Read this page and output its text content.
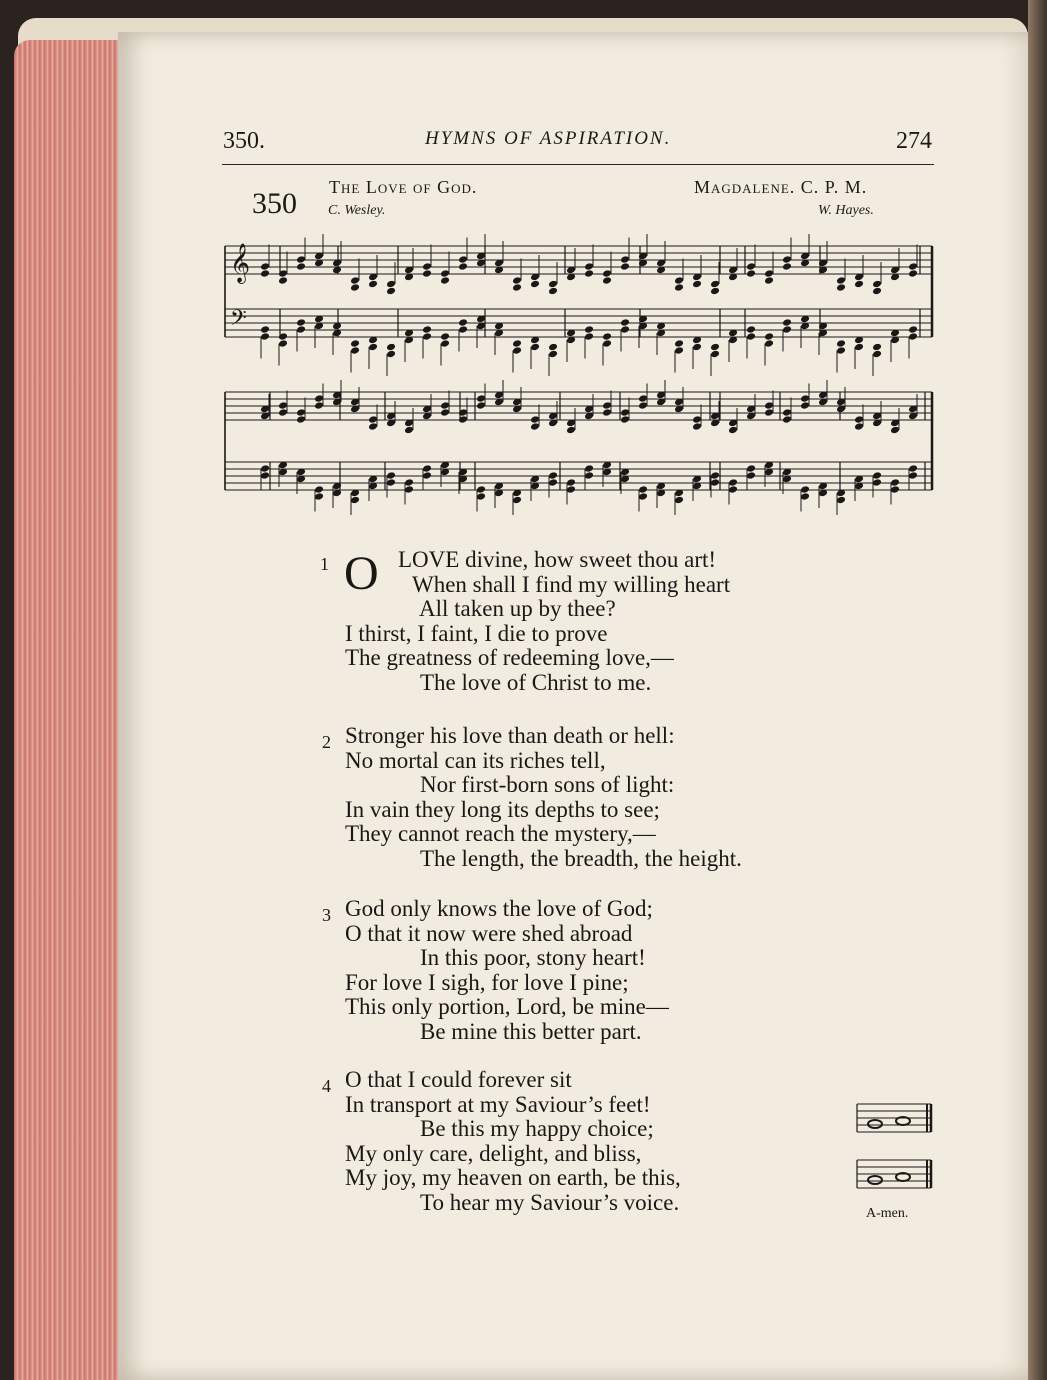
350.	HYMNS OF ASPIRATION.	274
350 The Love of God.	Magdalene. C. P. M.
C. Wesley.	W. Hayes.
𝄞
𝄢
1 O LOVE divine, how sweet thou art!
When shall I find my willing heart
All taken up by thee?
I thirst, I faint, I die to prove
The greatness of redeeming love,—
The love of Christ to me.
2 Stronger his love than death or hell:
No mortal can its riches tell,
Nor first-born sons of light:
In vain they long its depths to see;
They cannot reach the mystery,—
The length, the breadth, the height.
3 God only knows the love of God;
O that it now were shed abroad
In this poor, stony heart!
For love I sigh, for love I pine;
This only portion, Lord, be mine—
Be mine this better part.
4 O that I could forever sit
In transport at my Saviour’s feet!
Be this my happy choice;
My only care, delight, and bliss,
My joy, my heaven on earth, be this,
To hear my Saviour’s voice.	A-men.
